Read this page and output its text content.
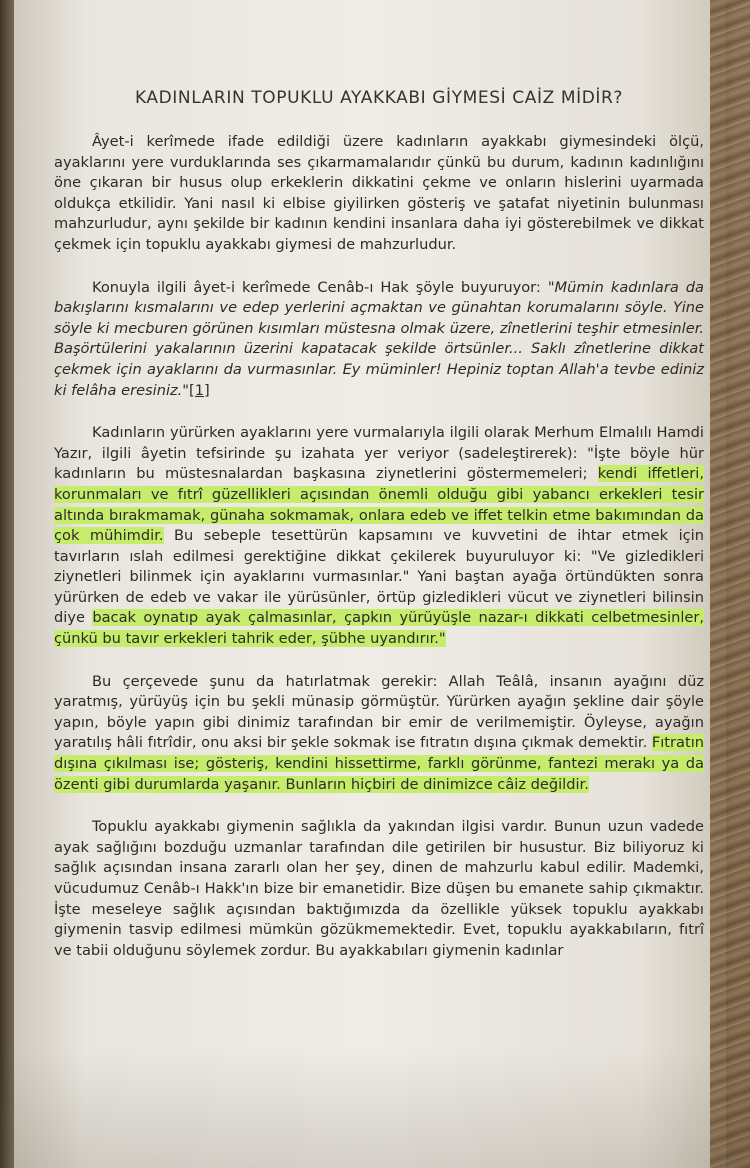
KADINLARIN TOPUKLU AYAKKABI GİYMESİ CAİZ MİDİR?

Âyet-i kerîmede ifade edildiği üzere kadınların ayakkabı giymesindeki ölçü, ayaklarını yere vurduklarında ses çıkarmamalarıdır çünkü bu durum, kadının kadınlığını öne çıkaran bir husus olup erkeklerin dikkatini çekme ve onların hislerini uyarmada oldukça etkilidir. Yani nasıl ki elbise giyilirken gösteriş ve şatafat niyetinin bulunması mahzurludur, aynı şekilde bir kadının kendini insanlara daha iyi gösterebilmek ve dikkat çekmek için topuklu ayakkabı giymesi de mahzurludur.

Konuyla ilgili âyet-i kerîmede Cenâb-ı Hak şöyle buyuruyor: "Mümin kadınlara da bakışlarını kısmalarını ve edep yerlerini açmaktan ve günahtan korumalarını söyle. Yine söyle ki mecburen görünen kısımları müstesna olmak üzere, zînetlerini teşhir etmesinler. Başörtülerini yakalarının üzerini kapatacak şekilde örtsünler... Saklı zînetlerine dikkat çekmek için ayaklarını da vurmasınlar. Ey müminler! Hepiniz toptan Allah'a tevbe ediniz ki felâha eresiniz."[1]

Kadınların yürürken ayaklarını yere vurmalarıyla ilgili olarak Merhum Elmalılı Hamdi Yazır, ilgili âyetin tefsirinde şu izahata yer veriyor (sadeleştirerek): "İşte böyle hür kadınların bu müstesnalardan başkasına ziynetlerini göstermemeleri; kendi iffetleri, korunmaları ve fıtrî güzellikleri açısından önemli olduğu gibi yabancı erkekleri tesir altında bırakmamak, günaha sokmamak, onlara edeb ve iffet telkin etme bakımından da çok mühimdir. Bu sebeple tesettürün kapsamını ve kuvvetini de ihtar etmek için tavırların ıslah edilmesi gerektiğine dikkat çekilerek buyuruluyor ki: "Ve gizledikleri ziynetleri bilinmek için ayaklarını vurmasınlar." Yani baştan ayağa örtündükten sonra yürürken de edeb ve vakar ile yürüsünler, örtüp gizledikleri vücut ve ziynetleri bilinsin diye bacak oynatıp ayak çalmasınlar, çapkın yürüyüşle nazar-ı dikkati celbetmesinler, çünkü bu tavır erkekleri tahrik eder, şübhe uyandırır."

Bu çerçevede şunu da hatırlatmak gerekir: Allah Teâlâ, insanın ayağını düz yaratmış, yürüyüş için bu şekli münasip görmüştür. Yürürken ayağın şekline dair şöyle yapın, böyle yapın gibi dinimiz tarafından bir emir de verilmemiştir. Öyleyse, ayağın yaratılış hâli fıtrîdir, onu aksi bir şekle sokmak ise fıtratın dışına çıkmak demektir. Fıtratın dışına çıkılması ise; gösteriş, kendini hissettirme, farklı görünme, fantezi merakı ya da özenti gibi durumlarda yaşanır. Bunların hiçbiri de dinimizce câiz değildir.

Topuklu ayakkabı giymenin sağlıkla da yakından ilgisi vardır. Bunun uzun vadede ayak sağlığını bozduğu uzmanlar tarafından dile getirilen bir husustur. Biz biliyoruz ki sağlık açısından insana zararlı olan her şey, dinen de mahzurlu kabul edilir. Mademki, vücudumuz Cenâb-ı Hakk'ın bize bir emanetidir. Bize düşen bu emanete sahip çıkmaktır. İşte meseleye sağlık açısından baktığımızda da özellikle yüksek topuklu ayakkabı giymenin tasvip edilmesi mümkün gözükmemektedir. Evet, topuklu ayakkabıların, fıtrî ve tabii olduğunu söylemek zordur. Bu ayakkabıları giymenin kadınlar
